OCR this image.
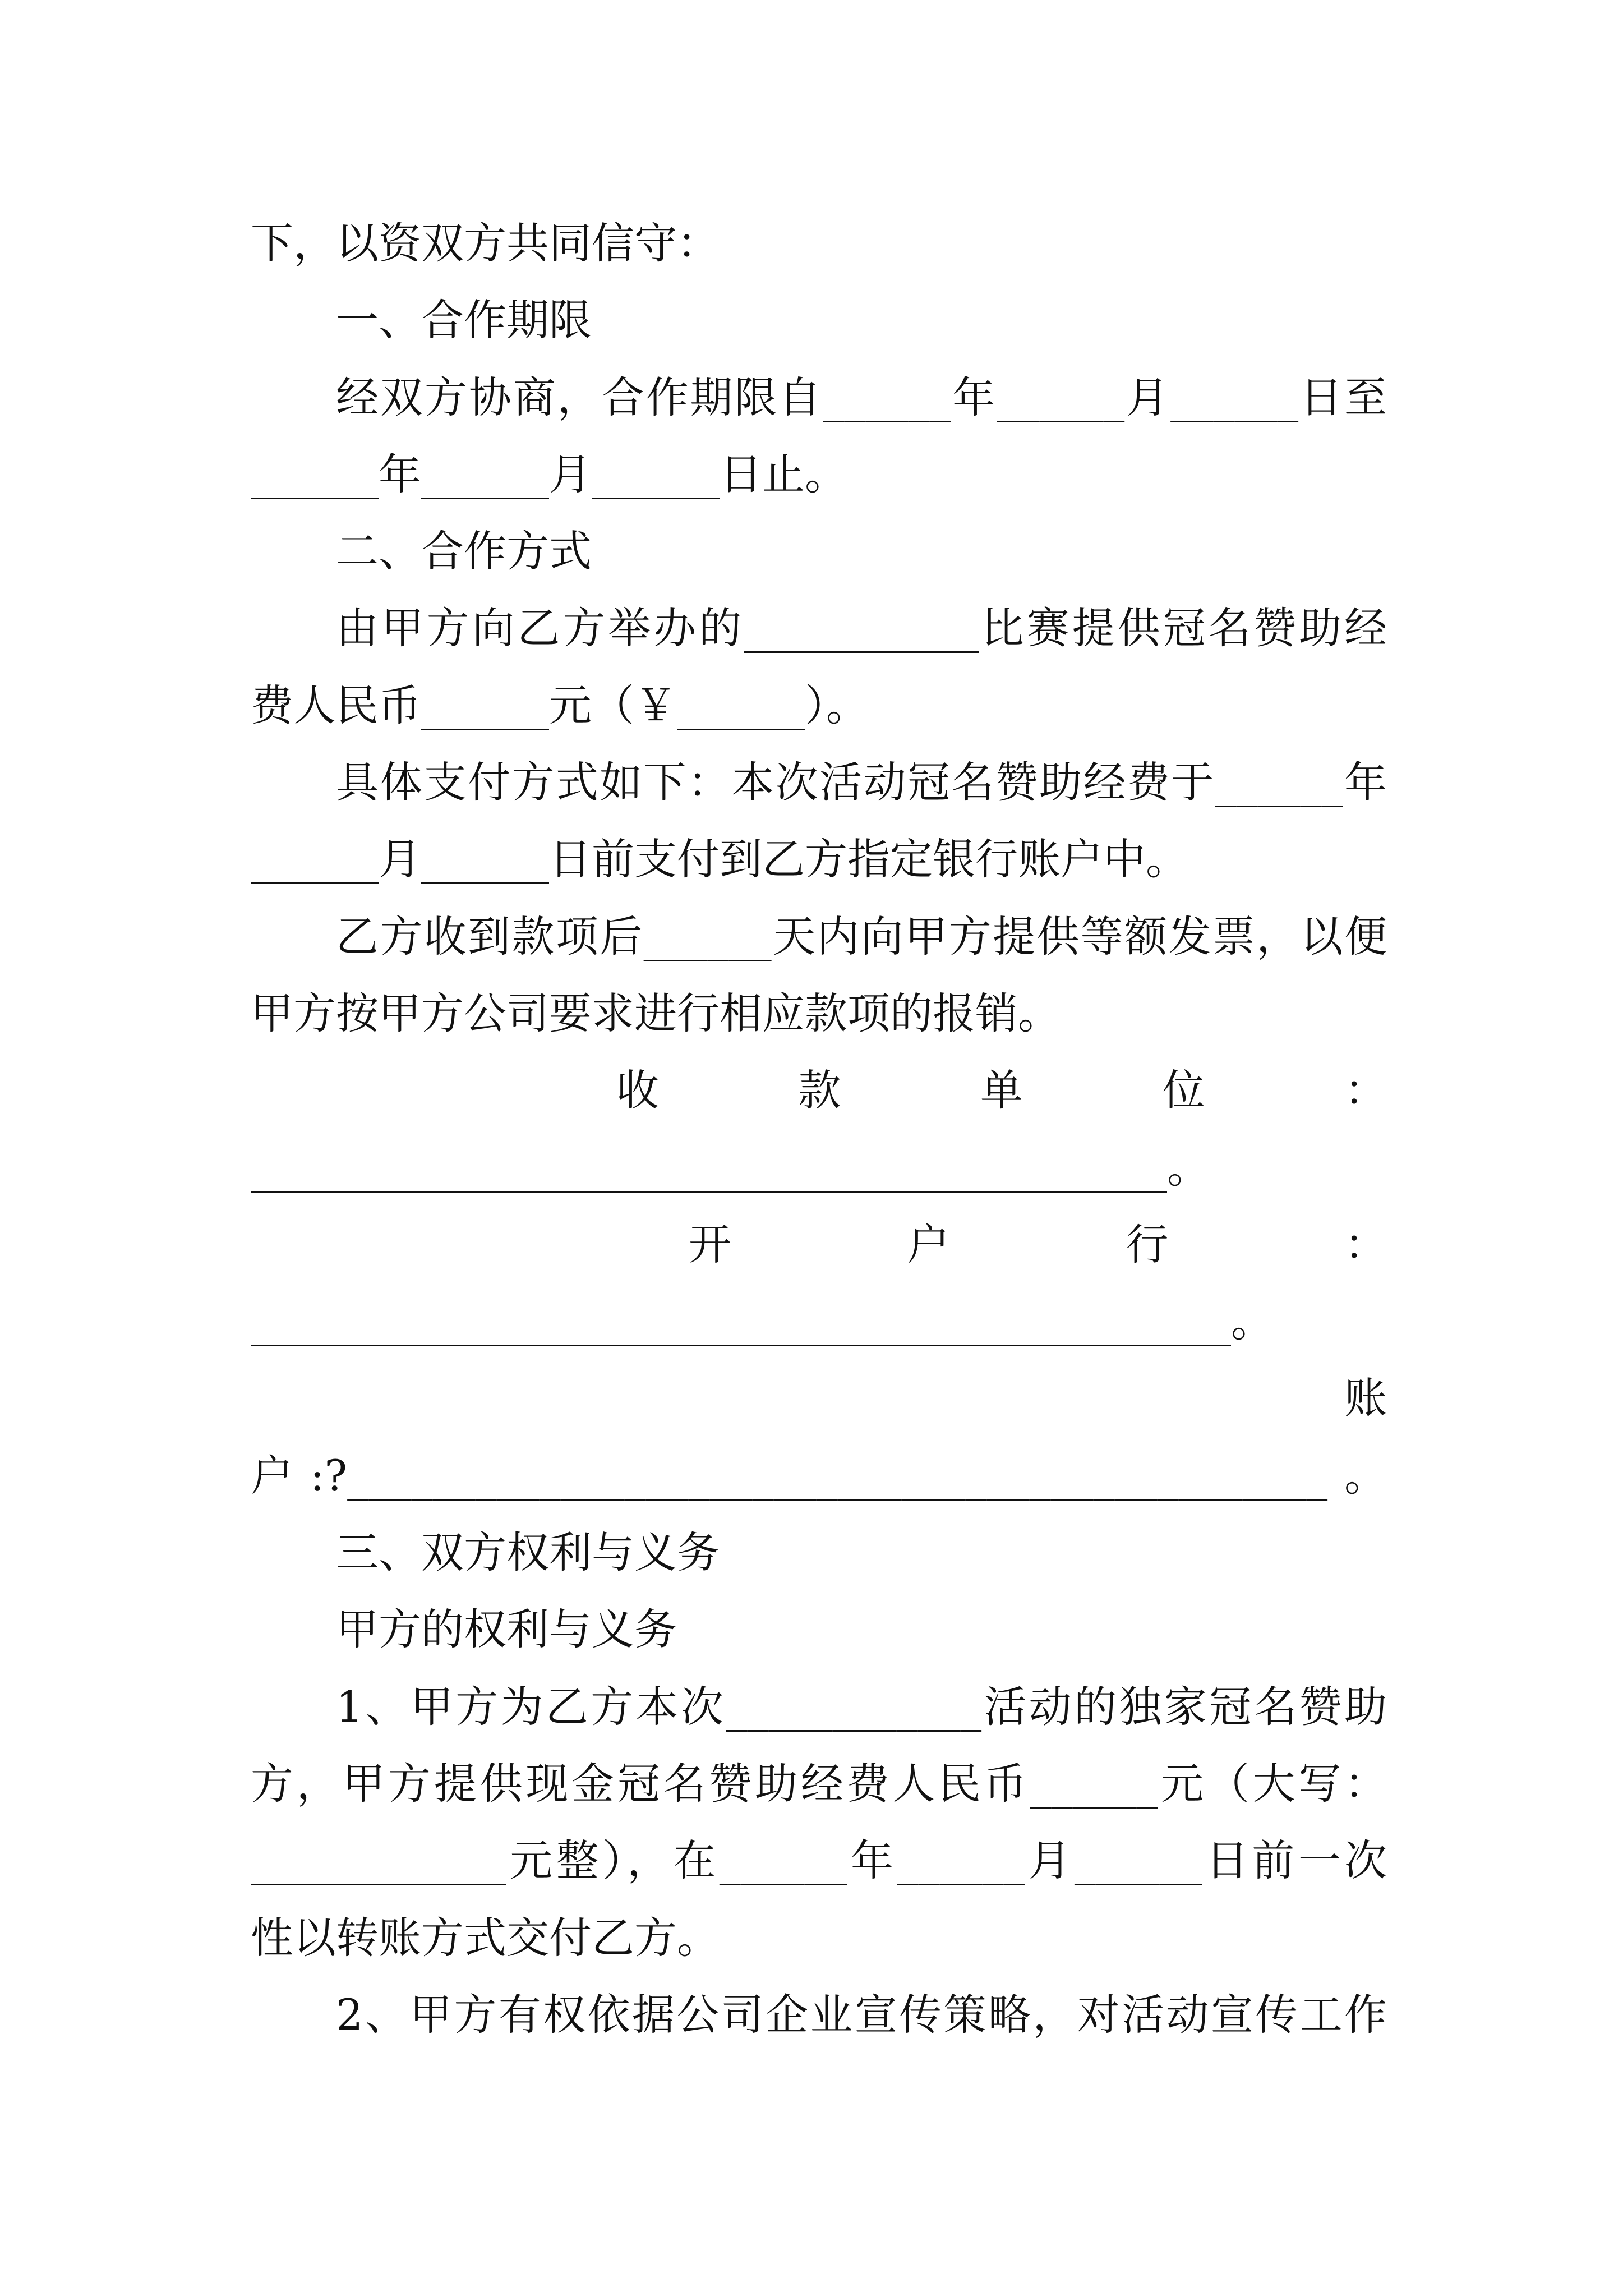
下，以资双方共同信守：
一、合作期限
经双方协商，合作期限自______年______月______日至
______年______月______日止。
二、合作方式
由甲方向乙方举办的___________比赛提供冠名赞助经
费人民币______元（￥______）。
具体支付方式如下：本次活动冠名赞助经费于______年
______月______日前支付到乙方指定银行账户中。
乙方收到款项后______天内向甲方提供等额发票，以便
甲方按甲方公司要求进行相应款项的报销。
收款单位：
___________________________________________。
开户行：
______________________________________________。
账
户:?______________________________________________。
三、双方权利与义务
甲方的权利与义务
1、甲方为乙方本次____________活动的独家冠名赞助
方，甲方提供现金冠名赞助经费人民币______元（大写：
____________元整），在______年______月______日前一次
性以转账方式交付乙方。
2、甲方有权依据公司企业宣传策略，对活动宣传工作
